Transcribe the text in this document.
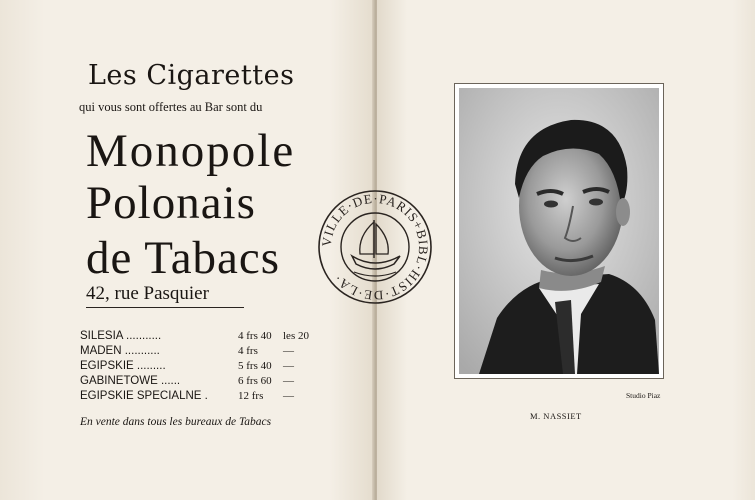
Les Cigarettes
qui vous sont offertes au Bar sont du
Monopole
Polonais
de Tabacs
42, rue Pasquier
SILESIA ...........	4 frs 40 les 20
MADEN ...........	4 frs —
EGIPSKIE .........	5 frs 40 —
GABINETOWE ......	6 frs 60 —
EGIPSKIE SPECIALNE .	12 frs —
En vente dans tous les bureaux de Tabacs
Studio Piaz
M. NASSIET
VILLE·DE·PARIS+BIBL·HIST·DE·LA·
